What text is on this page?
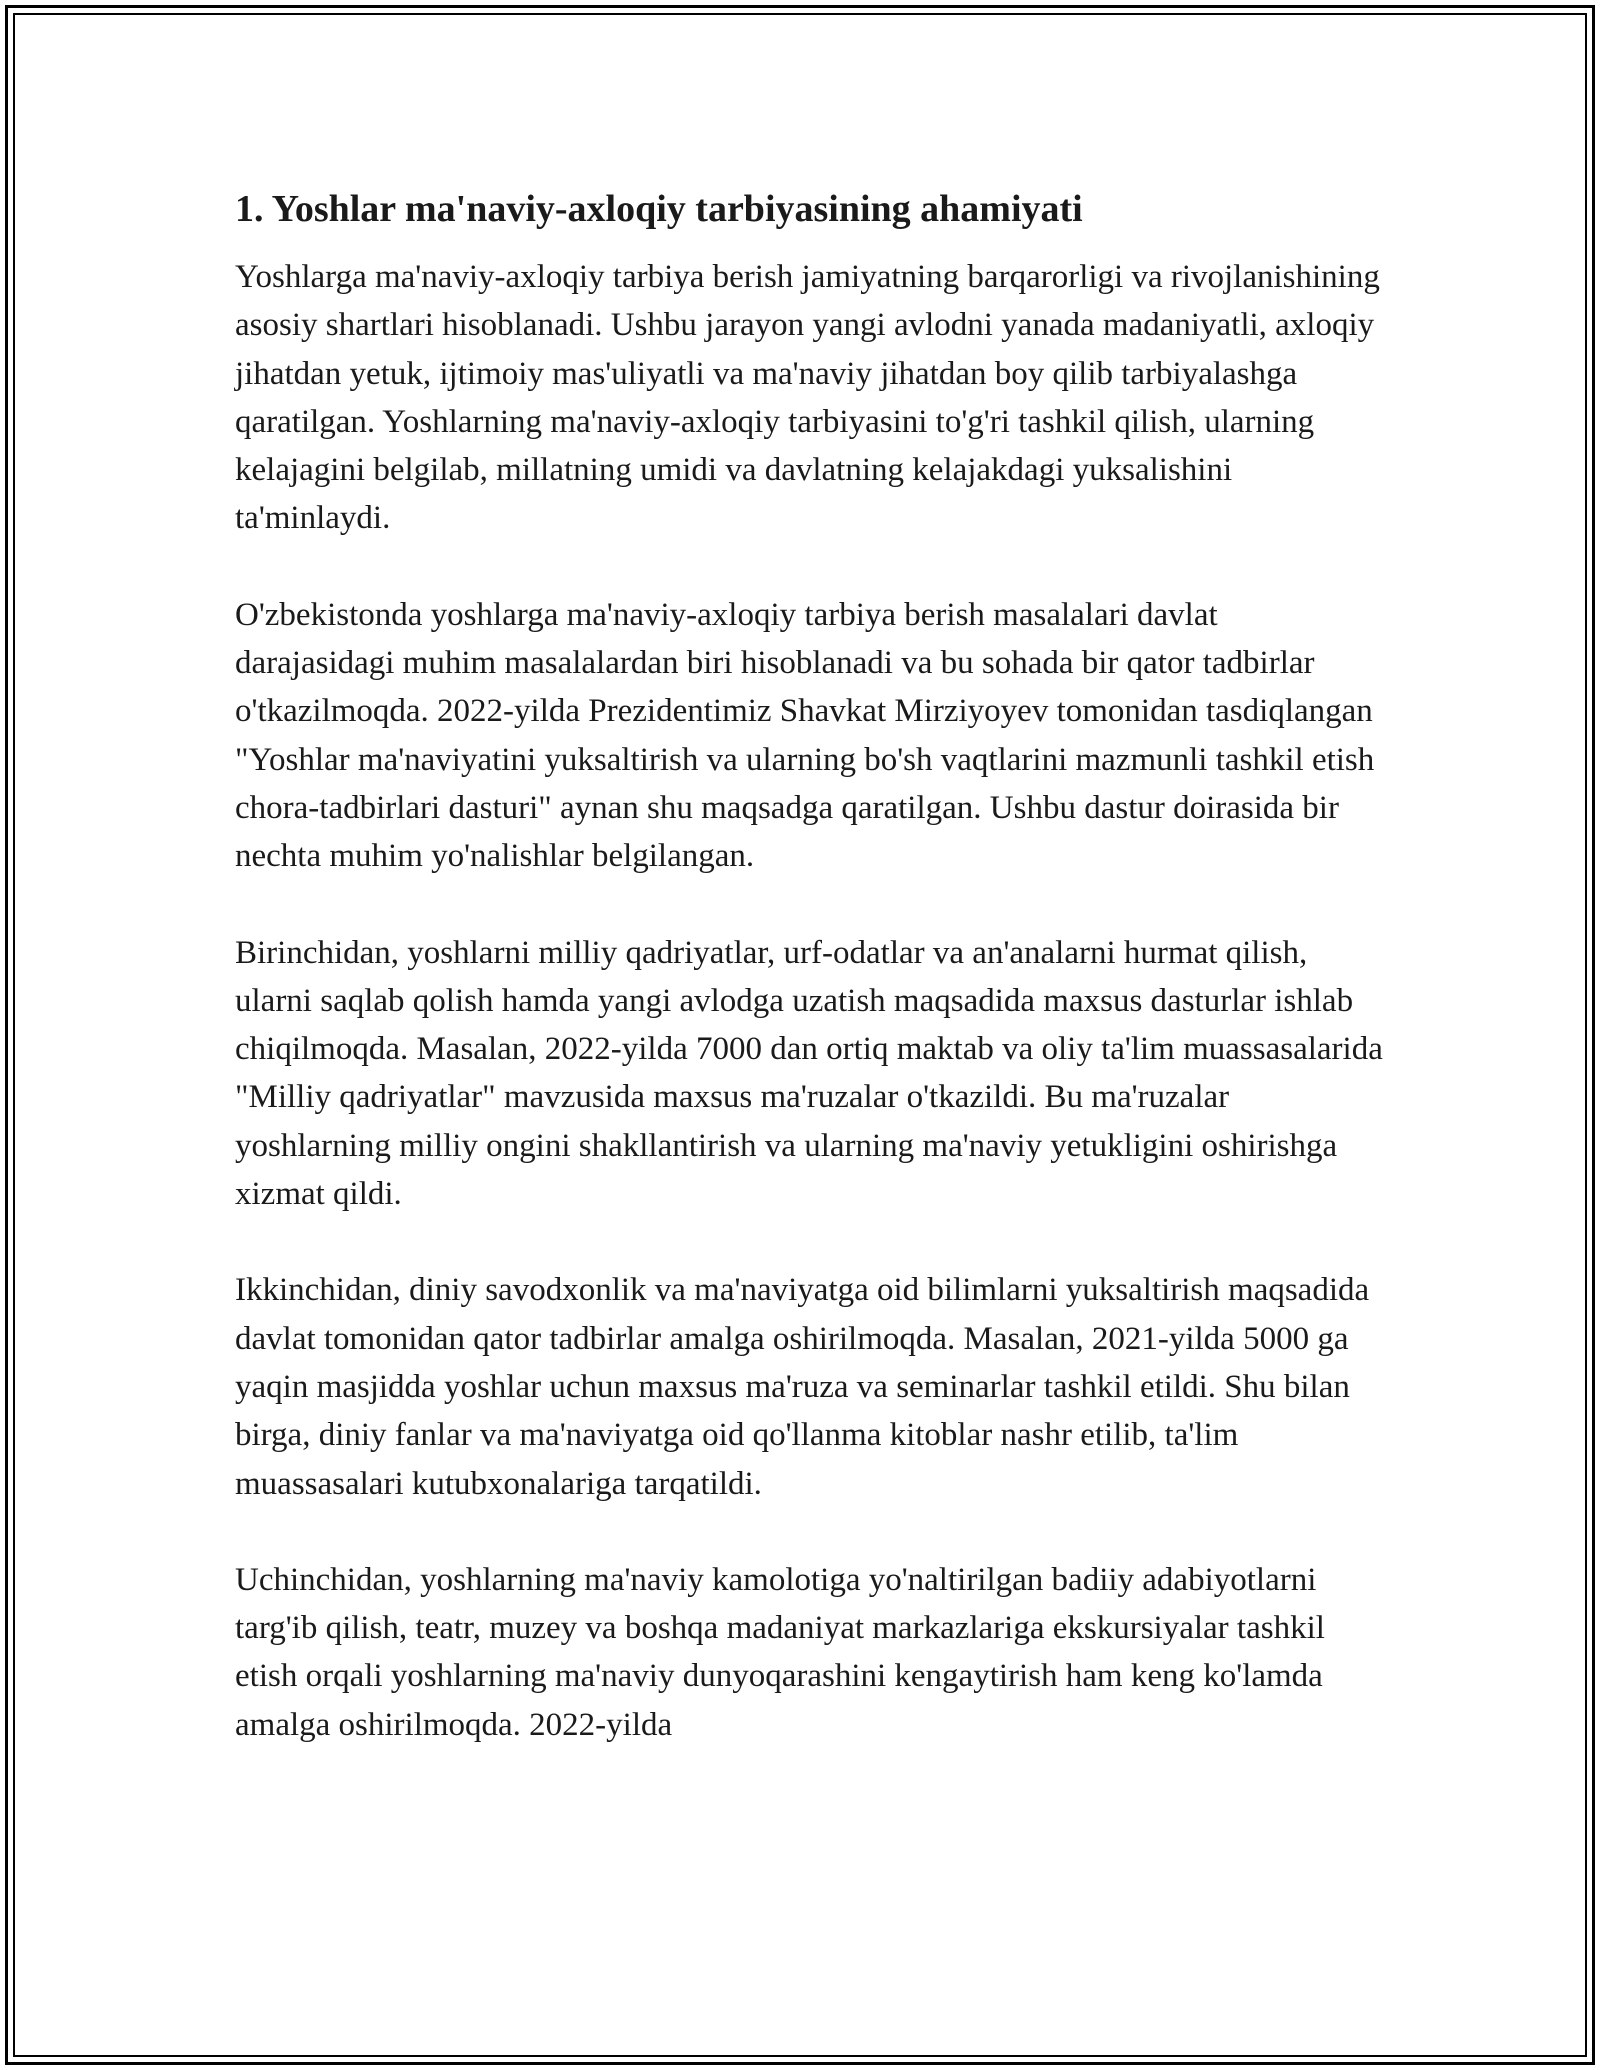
1. Yoshlar ma'naviy-axloqiy tarbiyasining ahamiyati

Yoshlarga ma'naviy-axloqiy tarbiya berish jamiyatning barqarorligi va rivojlanishining asosiy shartlari hisoblanadi. Ushbu jarayon yangi avlodni yanada madaniyatli, axloqiy jihatdan yetuk, ijtimoiy mas'uliyatli va ma'naviy jihatdan boy qilib tarbiyalashga qaratilgan. Yoshlarning ma'naviy-axloqiy tarbiyasini to'g'ri tashkil qilish, ularning kelajagini belgilab, millatning umidi va davlatning kelajakdagi yuksalishini ta'minlaydi.

O'zbekistonda yoshlarga ma'naviy-axloqiy tarbiya berish masalalari davlat darajasidagi muhim masalalardan biri hisoblanadi va bu sohada bir qator tadbirlar o'tkazilmoqda. 2022-yilda Prezidentimiz Shavkat Mirziyoyev tomonidan tasdiqlangan "Yoshlar ma'naviyatini yuksaltirish va ularning bo'sh vaqtlarini mazmunli tashkil etish chora-tadbirlari dasturi" aynan shu maqsadga qaratilgan. Ushbu dastur doirasida bir nechta muhim yo'nalishlar belgilangan.

Birinchidan, yoshlarni milliy qadriyatlar, urf-odatlar va an'analarni hurmat qilish, ularni saqlab qolish hamda yangi avlodga uzatish maqsadida maxsus dasturlar ishlab chiqilmoqda. Masalan, 2022-yilda 7000 dan ortiq maktab va oliy ta'lim muassasalarida "Milliy qadriyatlar" mavzusida maxsus ma'ruzalar o'tkazildi. Bu ma'ruzalar yoshlarning milliy ongini shakllantirish va ularning ma'naviy yetukligini oshirishga xizmat qildi.

Ikkinchidan, diniy savodxonlik va ma'naviyatga oid bilimlarni yuksaltirish maqsadida davlat tomonidan qator tadbirlar amalga oshirilmoqda. Masalan, 2021-yilda 5000 ga yaqin masjidda yoshlar uchun maxsus ma'ruza va seminarlar tashkil etildi. Shu bilan birga, diniy fanlar va ma'naviyatga oid qo'llanma kitoblar nashr etilib, ta'lim muassasalari kutubxonalariga tarqatildi.

Uchinchidan, yoshlarning ma'naviy kamolotiga yo'naltirilgan badiiy adabiyotlarni targ'ib qilish, teatr, muzey va boshqa madaniyat markazlariga ekskursiyalar tashkil etish orqali yoshlarning ma'naviy dunyoqarashini kengaytirish ham keng ko'lamda amalga oshirilmoqda. 2022-yilda
